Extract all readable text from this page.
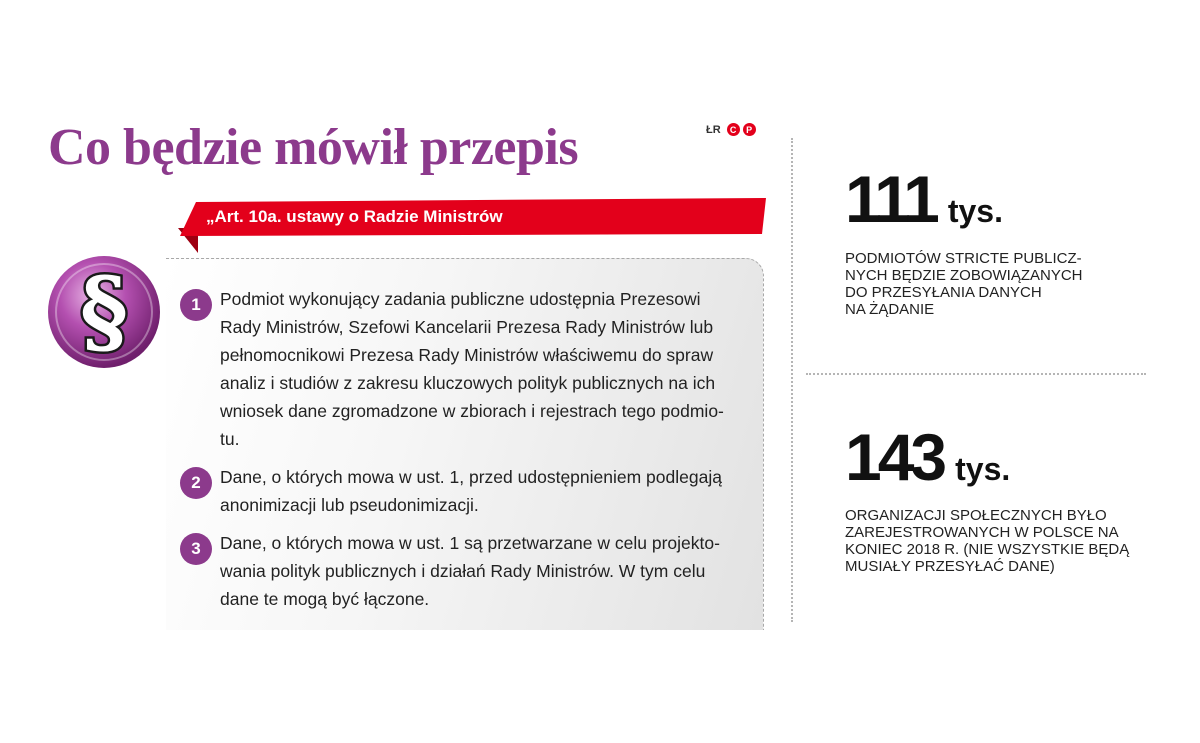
Co będzie mówił przepis	ŁR	C	P
„Art. 10a. ustawy o Radzie Ministrów
§	1	Podmiot wykonujący zadania publiczne udostępnia Prezesowi
Rady Ministrów, Szefowi Kancelarii Prezesa Rady Ministrów lub
pełnomocnikowi Prezesa Rady Ministrów właściwemu do spraw
analiz i studiów z zakresu kluczowych polityk publicznych na ich
wniosek dane zgromadzone w zbiorach i rejestrach tego podmio-
tu.

2	Dane, o których mowa w ust. 1, przed udostępnieniem podlegają
anonimizacji lub pseudonimizacji.

3	Dane, o których mowa w ust. 1 są przetwarzane w celu projekto-
wania polityk publicznych i działań Rady Ministrów. W tym celu
dane te mogą być łączone.

111 tys.

PODMIOTÓW STRICTE PUBLICZ-
NYCH BĘDZIE ZOBOWIĄZANYCH
DO PRZESYŁANIA DANYCH
NA ŻĄDANIE

143 tys.

ORGANIZACJI SPOŁECZNYCH BYŁO
ZAREJESTROWANYCH W POLSCE NA
KONIEC 2018 R. (NIE WSZYSTKIE BĘDĄ
MUSIAŁY PRZESYŁAĆ DANE)
